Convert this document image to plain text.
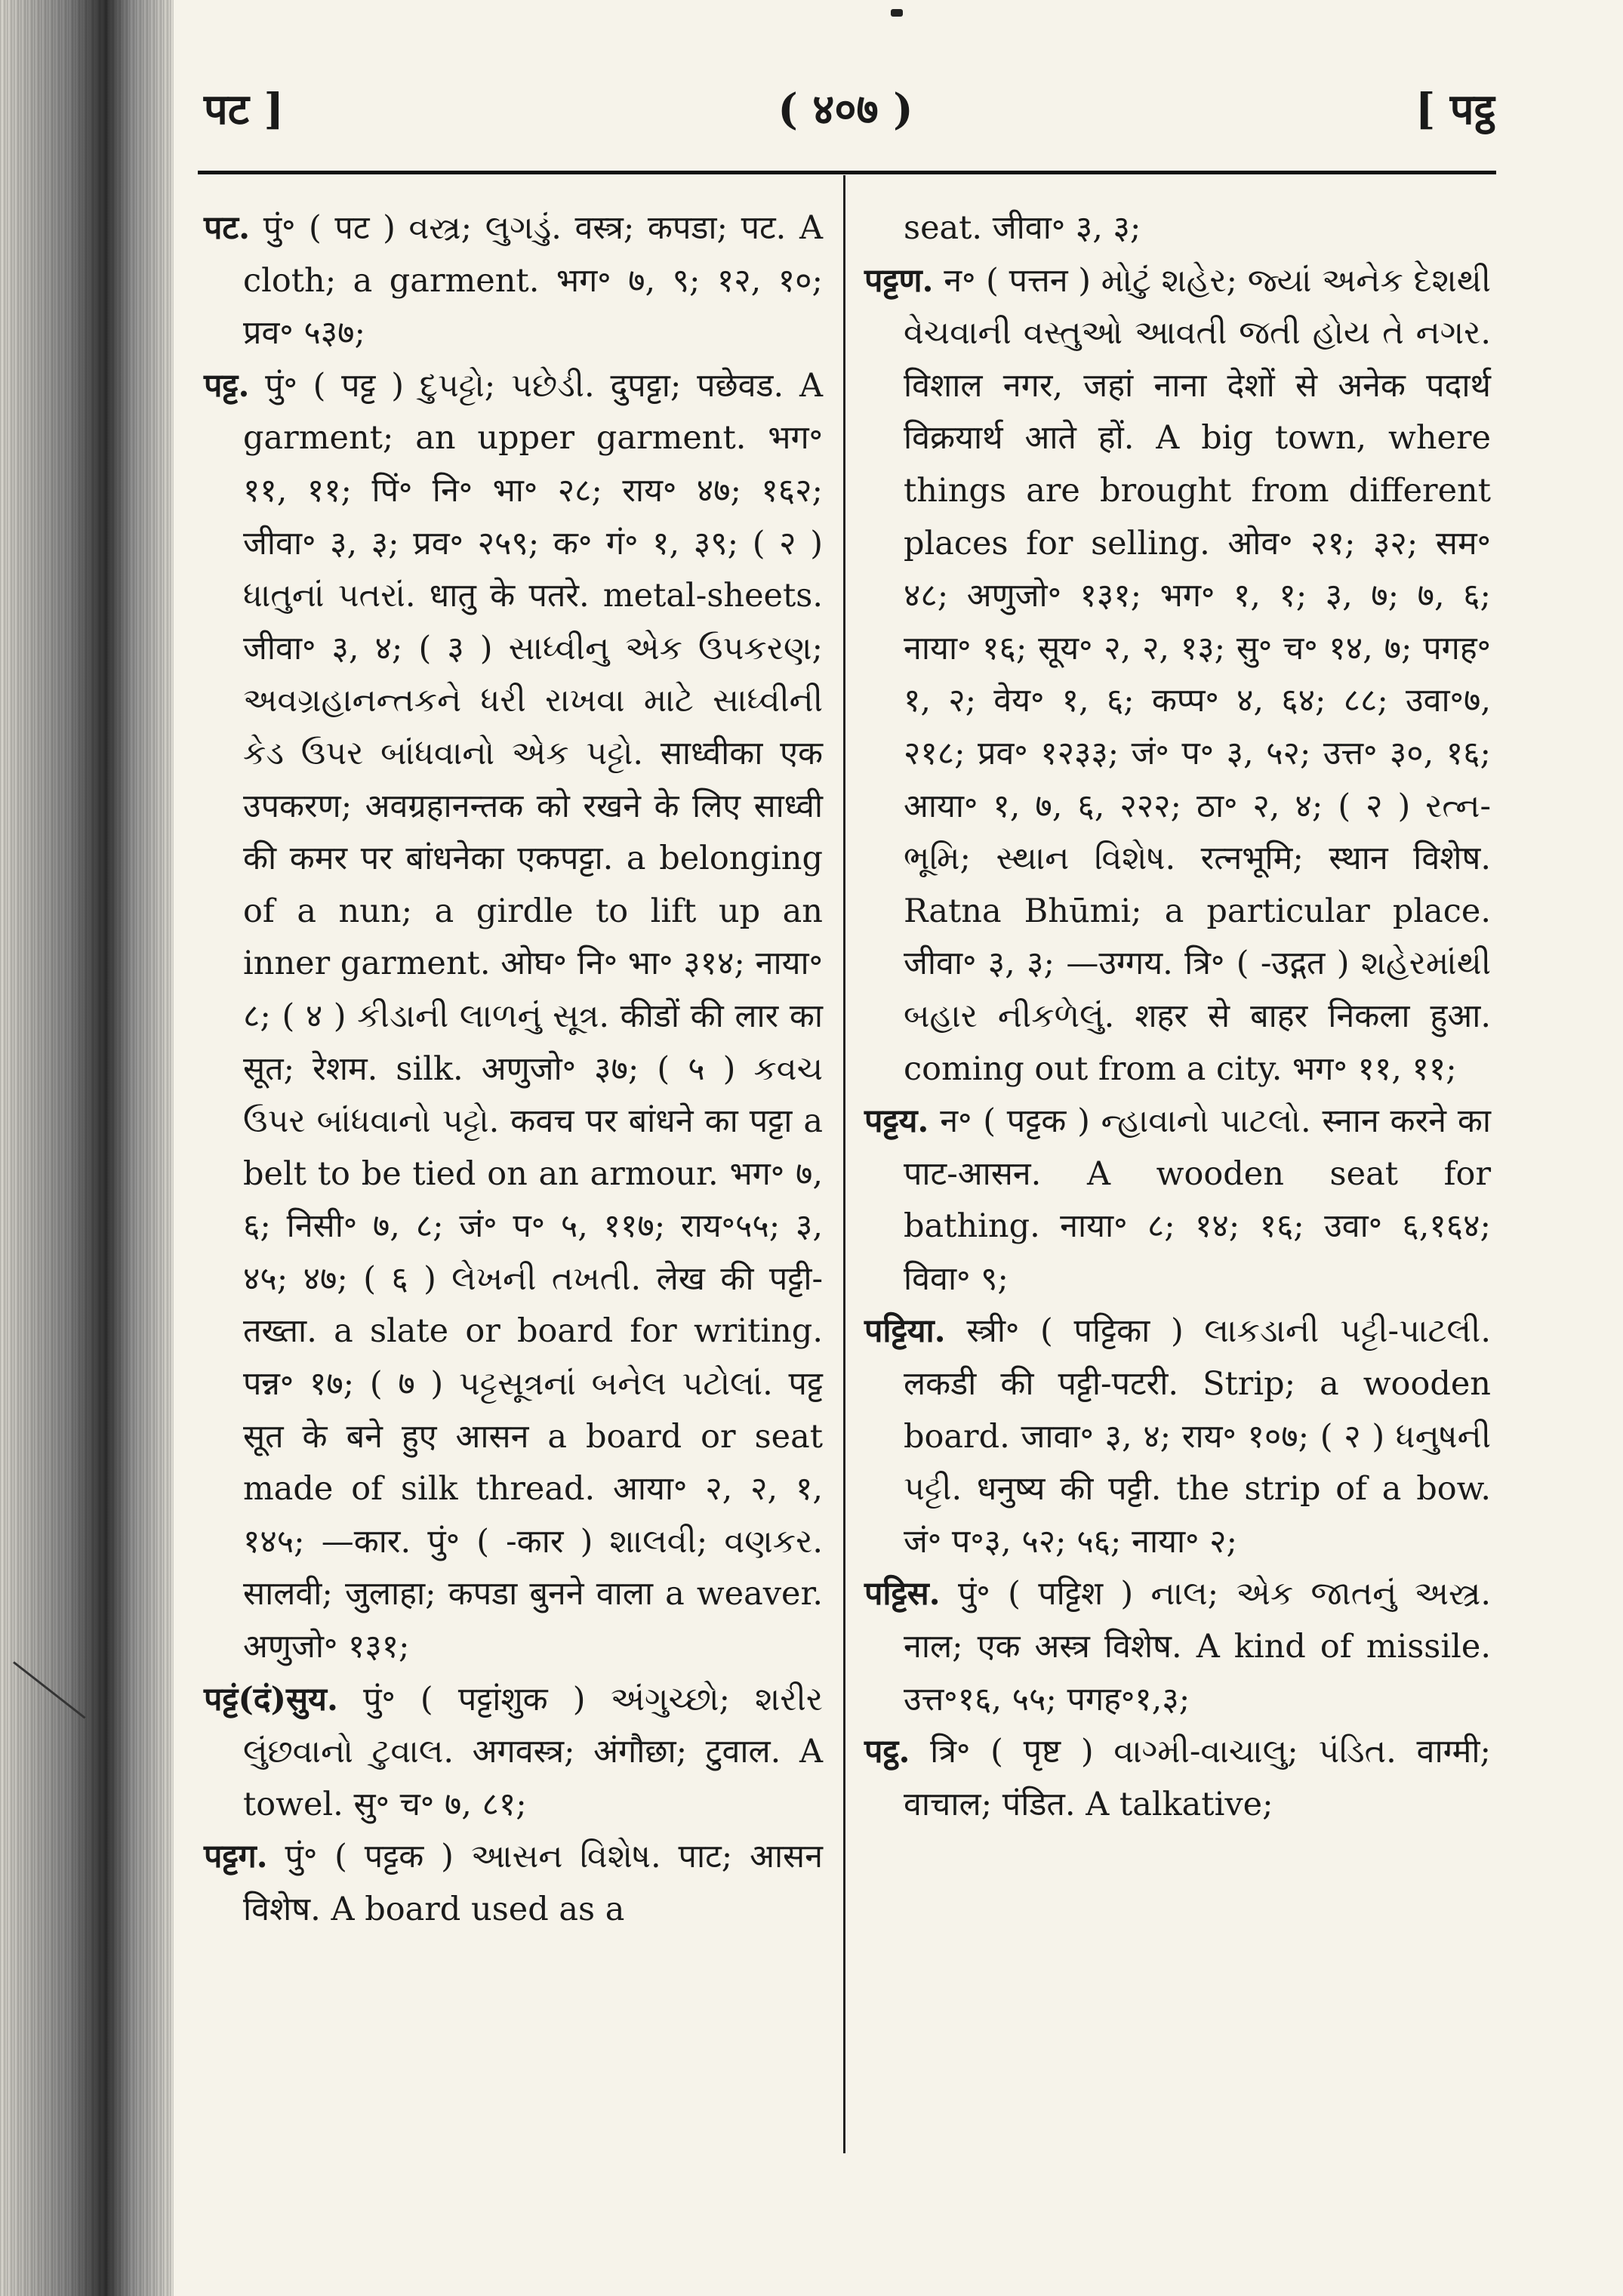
पट ]	( ४०७ )	[ पट्ठ

पट. पुं॰ ( पट ) વસ્ત્ર; લુગડું. वस्त्र; कपडा; पट. A cloth; a garment. भग॰ ७, ९; १२, १०; प्रव॰ ५३७;

पट्ट. पुं॰ ( पट्ट ) દુપટ્ટો; પછેડી. दुपट्टा; पछेवड. A garment; an upper garment. भग॰ ११, ११; पिं॰ नि॰ भा॰ २८; राय॰ ४७; १६२; जीवा॰ ३, ३; प्रव॰ २५९; क॰ गं॰ १, ३९; ( २ ) ધાતુનાં પતરાં. धातु के पतरे. metal-sheets. जीवा॰ ३, ४; ( ३ ) સાધ્વીનુ એક ઉપકરણ; અવગ્રહાનન્તકને ધરી રાખવા માટે સાધ્વીની કેડ ઉપર બાંધવાનો એક પટ્ટો. साध्वीका एक उपकरण; अवग्रहानन्तक को रखने के लिए साध्वी की कमर पर बांधनेका एकपट्टा. a belonging of a nun; a girdle to lift up an inner garment. ओघ॰ नि॰ भा॰ ३१४; नाया॰ ८; ( ४ ) કીડાની લાળનું સૂત્ર. कीडों की लार का सूत; रेशम. silk. अणुजो॰ ३७; ( ५ ) કવચ ઉપર બાંધવાનો પટ્ટો. कवच पर बांधने का पट्टा a belt to be tied on an armour. भग॰ ७, ६; निसी॰ ७, ८; जं॰ प॰ ५, ११७; राय॰५५; ३, ४५; ४७; ( ६ ) લેખની તખતી. लेख की पट्टी-तख्ता. a slate or board for writing. पन्न॰ १७; ( ७ ) પટ્ટસૂત્રનાં બનેલ પટોલાં. पट्ट सूत के बने हुए आसन a board or seat made of silk thread. आया॰ २, २, १, १४५; —कार. पुं॰ ( -कार ) શાલવી; વણકર. सालवी; जुलाहा; कपडा बुनने वाला a weaver. अणुजो॰ १३१;

पट्टं(दं)सुय. पुं॰ ( पट्टांशुक ) અંગુચ્છો; શરીર લુંછવાનો ટુવાલ. अगवस्त्र; अंगौछा; टुवाल. A towel. सु॰ च॰ ७, ८१;

पट्टग. पुं॰ ( पट्टक ) આસન વિશેષ. पाट; आसन विशेष. A board used as a

seat. जीवा॰ ३, ३;

पट्टण. न॰ ( पत्तन ) મોટું શહેર; જ્યાં અનેક દેશથી વેચવાની વસ્તુઓ આવતી જતી હોય તે નગર. विशाल नगर, जहां नाना देशों से अनेक पदार्थ विक्रयार्थ आते हों. A big town, where things are brought from different places for selling. ओव॰ २१; ३२; सम॰ ४८; अणुजो॰ १३१; भग॰ १, १; ३, ७; ७, ६; नाया॰ १६; सूय॰ २, २, १३; सु॰ च॰ १४, ७; पगह॰ १, २; वेय॰ १, ६; कप्प॰ ४, ६४; ८८; उवा॰७, २१८; प्रव॰ १२३३; जं॰ प॰ ३, ५२; उत्त॰ ३०, १६; आया॰ १, ७, ६, २२२; ठा॰ २, ४; ( २ ) રત્ન-ભૂમિ; સ્થાન વિશેષ. रत्नभूमि; स्थान विशेष. Ratna Bhūmi; a particular place. जीवा॰ ३, ३; —उग्गय. त्रि॰ ( -उद्गत ) શહેરમાંથી બહાર નીકળેલું. शहर से बाहर निकला हुआ. coming out from a city. भग॰ ११, ११;

पट्टय. न॰ ( पट्टक ) ન્હાવાનો પાટલો. स्नान करने का पाट-आसन. A wooden seat for bathing. नाया॰ ८; १४; १६; उवा॰ ६,१६४; विवा॰ ९;

पट्टिया. स्त्री॰ ( पट्टिका ) લાકડાની પટ્ટી-પાટલી. लकडी की पट्टी-पटरी. Strip; a wooden board. जावा॰ ३, ४; राय॰ १०७; ( २ ) ધનુષની પટ્ટી. धनुष्य की पट्टी. the strip of a bow. जं॰ प॰३, ५२; ५६; नाया॰ २;

पट्टिस. पुं॰ ( पट्टिश ) નાલ; એક જાતનું અસ્ત્ર. नाल; एक अस्त्र विशेष. A kind of missile. उत्त॰१६, ५५; पगह॰१,३;

पट्ठ. त्रि॰ ( पृष्ट ) વાગ્મી-વાચાલુ; પંડિત. वाग्मी; वाचाल; पंडित. A talkative;
